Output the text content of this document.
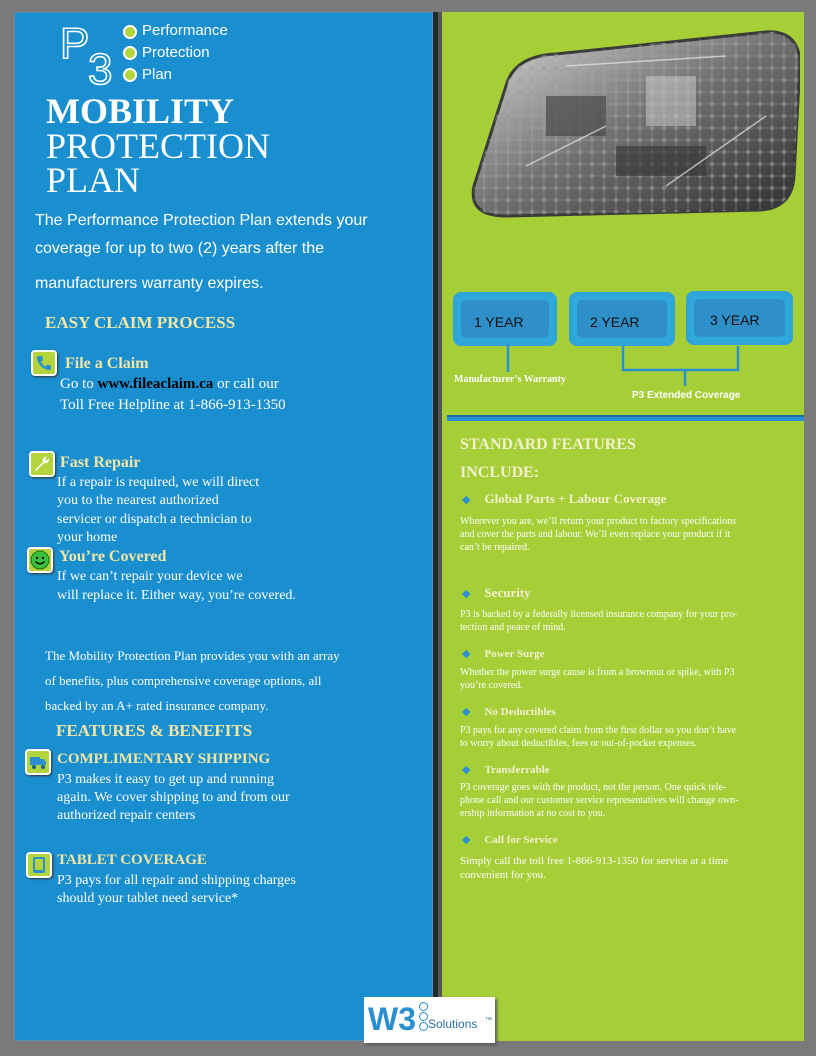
P
3
Performance
Protection
Plan
MOBILITY
PROTECTION
PLAN
The Performance Protection Plan extends your
coverage for up to two (2) years after the
manufacturers warranty expires.
EASY CLAIM PROCESS
File a Claim
Go to www.fileaclaim.ca or call our
Toll Free Helpline at 1-866-913-1350
Fast Repair
If a repair is required, we will direct
you to the nearest authorized
servicer or dispatch a technician to
your home
You’re Covered
If we can’t repair your device we
will replace it. Either way, you’re covered.
The Mobility Protection Plan provides you with an array
of benefits, plus comprehensive coverage options, all
backed by an A+ rated insurance company.
FEATURES & BENEFITS
COMPLIMENTARY SHIPPING
P3 makes it easy to get up and running
again. We cover shipping to and from our
authorized repair centers
TABLET COVERAGE
P3 pays for all repair and shipping charges
should your tablet need service*
1 YEAR	2 YEAR	3 YEAR
Manufacturer’s Warranty
P3 Extended Coverage
STANDARD FEATURES
INCLUDE:
◆ Global Parts + Labour Coverage
Wherever you are, we’ll return your product to factory specifications
and cover the parts and labour. We’ll even replace your product if it
can’t be repaired.
◆ Security
P3 is backed by a federally licensed insurance company for your pro-
tection and peace of mind.
◆ Power Surge
Whether the power surge cause is from a brownout or spike, with P3
you’re covered.
◆ No Deductibles
P3 pays for any covered claim from the first dollar so you don’t have
to worry about deductibles, fees or out-of-pocket expenses.
◆ Transferrable
P3 coverage goes with the product, not the person. One quick tele-
phone call and our customer service representatives will change own-
ership information at no cost to you.
◆ Call for Service
Simply call the toll free 1-866-913-1350 for service at a time
convenient for you.
W3 Solutions ™
